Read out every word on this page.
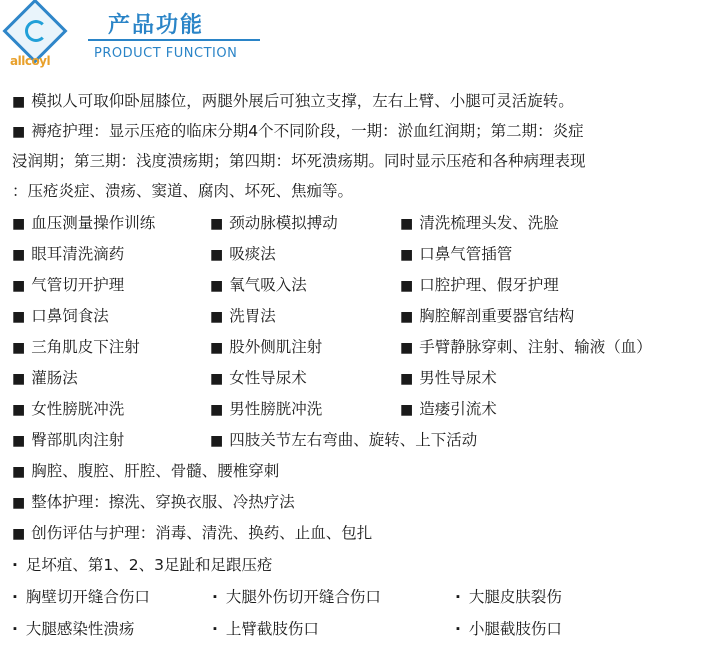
allcoyl
产品功能
PRODUCT FUNCTION
■ 模拟人可取仰卧屈膝位，两腿外展后可独立支撑，左右上臂、小腿可灵活旋转。
■ 褥疮护理：显示压疮的临床分期4个不同阶段，一期：淤血红润期；第二期：炎症
浸润期；第三期：浅度溃疡期；第四期：坏死溃疡期。同时显示压疮和各种病理表现
：压疮炎症、溃疡、窦道、腐肉、坏死、焦痂等。
■ 血压测量操作训练	■ 颈动脉模拟搏动	■ 清洗梳理头发、洗脸
■ 眼耳清洗滴药	■ 吸痰法	■ 口鼻气管插管
■ 气管切开护理	■ 氧气吸入法	■ 口腔护理、假牙护理
■ 口鼻饲食法	■ 洗胃法	■ 胸腔解剖重要器官结构
■ 三角肌皮下注射	■ 股外侧肌注射	■ 手臂静脉穿刺、注射、输液（血）
■ 灌肠法	■ 女性导尿术	■ 男性导尿术
■ 女性膀胱冲洗	■ 男性膀胱冲洗	■ 造瘘引流术
■ 臀部肌肉注射	■ 四肢关节左右弯曲、旋转、上下活动
■ 胸腔、腹腔、肝腔、骨髓、腰椎穿刺
■ 整体护理：擦洗、穿换衣服、冷热疗法
■ 创伤评估与护理：消毒、清洗、换药、止血、包扎
· 足坏疽、第1、2、3足趾和足跟压疮
· 胸壁切开缝合伤口	· 大腿外伤切开缝合伤口	· 大腿皮肤裂伤
· 大腿感染性溃疡	· 上臂截肢伤口	· 小腿截肢伤口
